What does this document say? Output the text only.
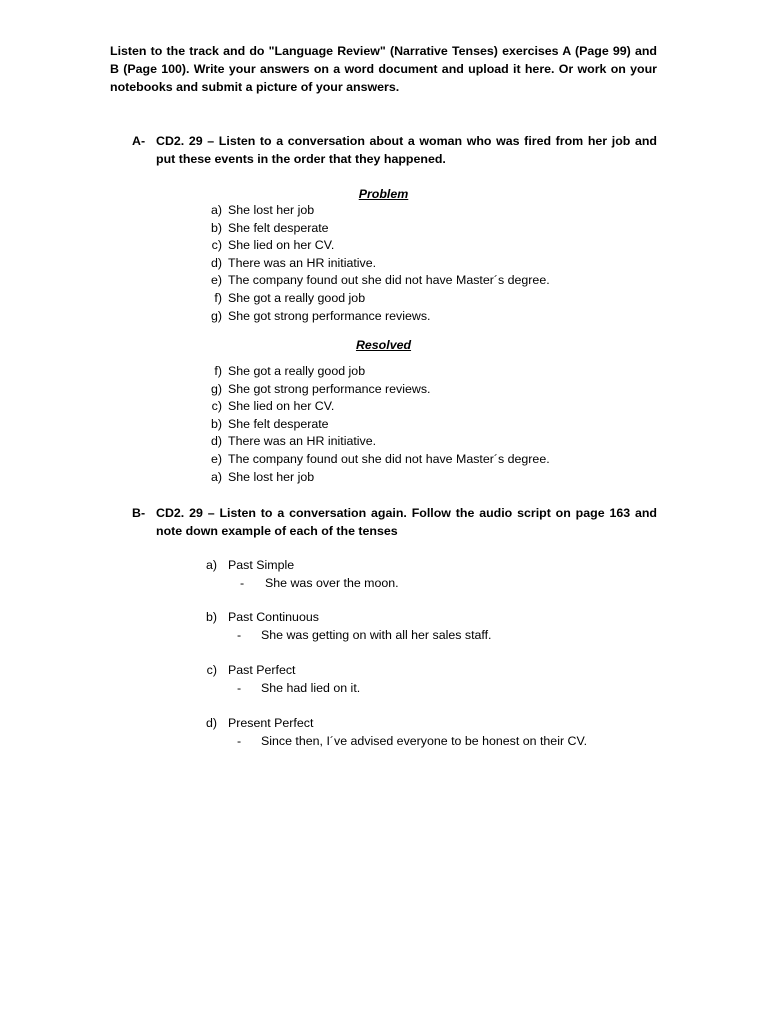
Listen to the track and do "Language Review" (Narrative Tenses) exercises A (Page 99) and B (Page 100). Write your answers on a word document and upload it here. Or work on your notebooks and submit a picture of your answers.
A- CD2. 29 – Listen to a conversation about a woman who was fired from her job and put these events in the order that they happened.
Problem
a) She lost her job
b) She felt desperate
c) She lied on her CV.
d) There was an HR initiative.
e) The company found out she did not have Master´s degree.
f) She got a really good job
g) She got strong performance reviews.
Resolved
f) She got a really good job
g) She got strong performance reviews.
c) She lied on her CV.
b) She felt desperate
d) There was an HR initiative.
e) The company found out she did not have Master´s degree.
a) She lost her job
B- CD2. 29 – Listen to a conversation again. Follow the audio script on page 163 and note down example of each of the tenses
a) Past Simple
- She was over the moon.
b) Past Continuous
- She was getting on with all her sales staff.
c) Past Perfect
- She had lied on it.
d) Present Perfect
- Since then, I´ve advised everyone to be honest on their CV.
